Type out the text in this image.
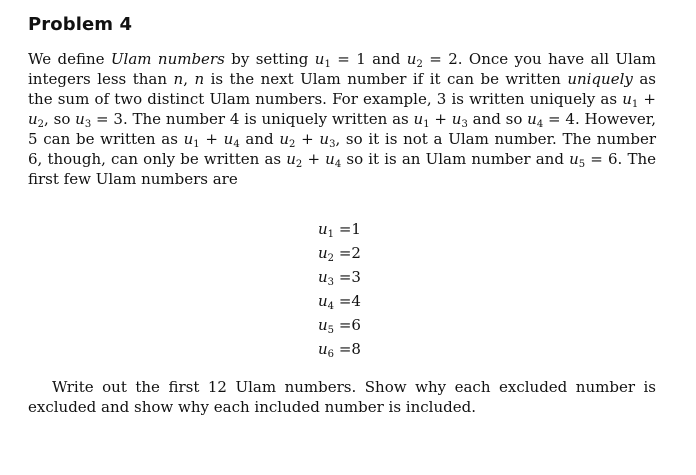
Problem 4

We define Ulam numbers by setting $u_1 = 1$ and $u_2 = 2$. Once you have all Ulam integers less than n, n is the next Ulam number if it can be written uniquely as the sum of two distinct Ulam numbers. For example, 3 is written uniquely as $u_1 + u_2$, so $u_3 = 3$. The number 4 is uniquely written as $u_1 + u_3$ and so $u_4 = 4$. However, 5 can be written as $u_1 + u_4$ and $u_2 + u_3$, so it is not a Ulam number. The number 6, though, can only be written as $u_2 + u_4$ so it is an Ulam number and $u_5 = 6$. The first few Ulam numbers are

$u_1 =1$
$u_2 =2$
$u_3 =3$
$u_4 =4$
$u_5 =6$
$u_6 =8$

Write out the first 12 Ulam numbers. Show why each excluded number is excluded and show why each included number is included.
